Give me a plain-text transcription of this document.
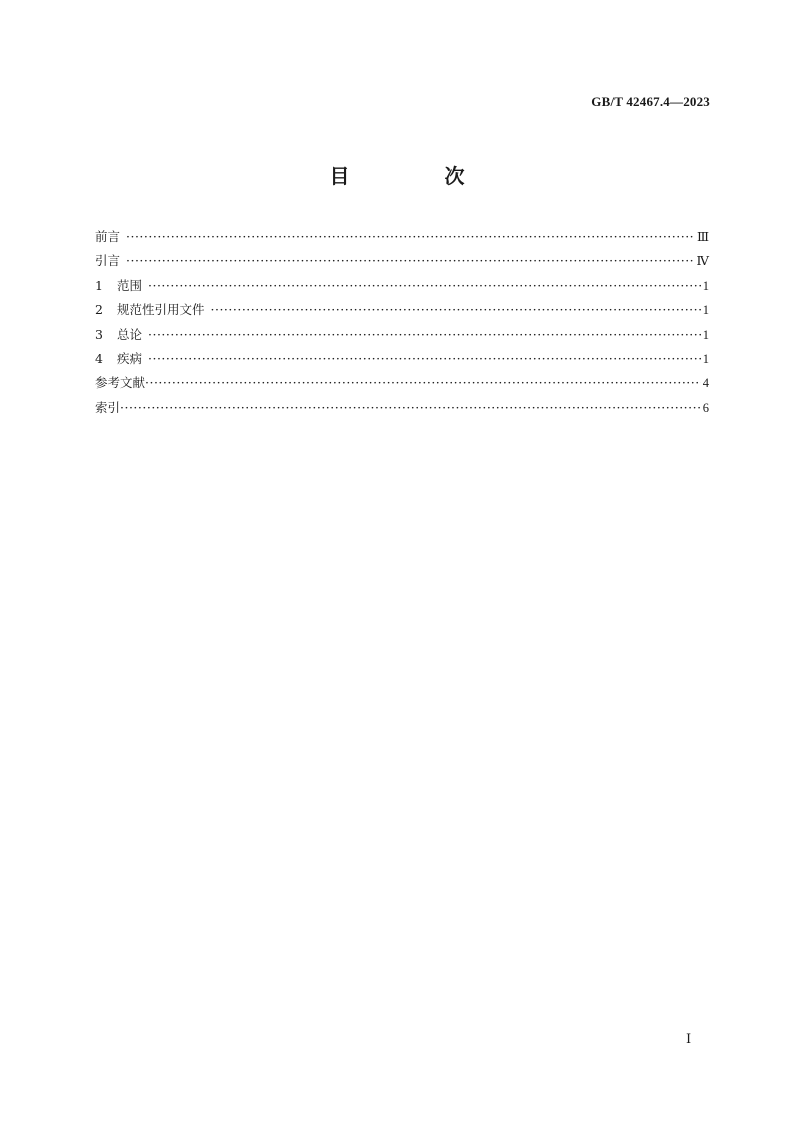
GB/T 42467.4—2023
目 次
前言 ·····	Ⅲ
引言 ·····	Ⅳ
1	范围 ·····	1
2	规范性引用文件 ·····	1
3	总论 ·····	1
4	疾病 ·····	1
参考文献 ·····	4
索引 ·····	6
Ⅰ
